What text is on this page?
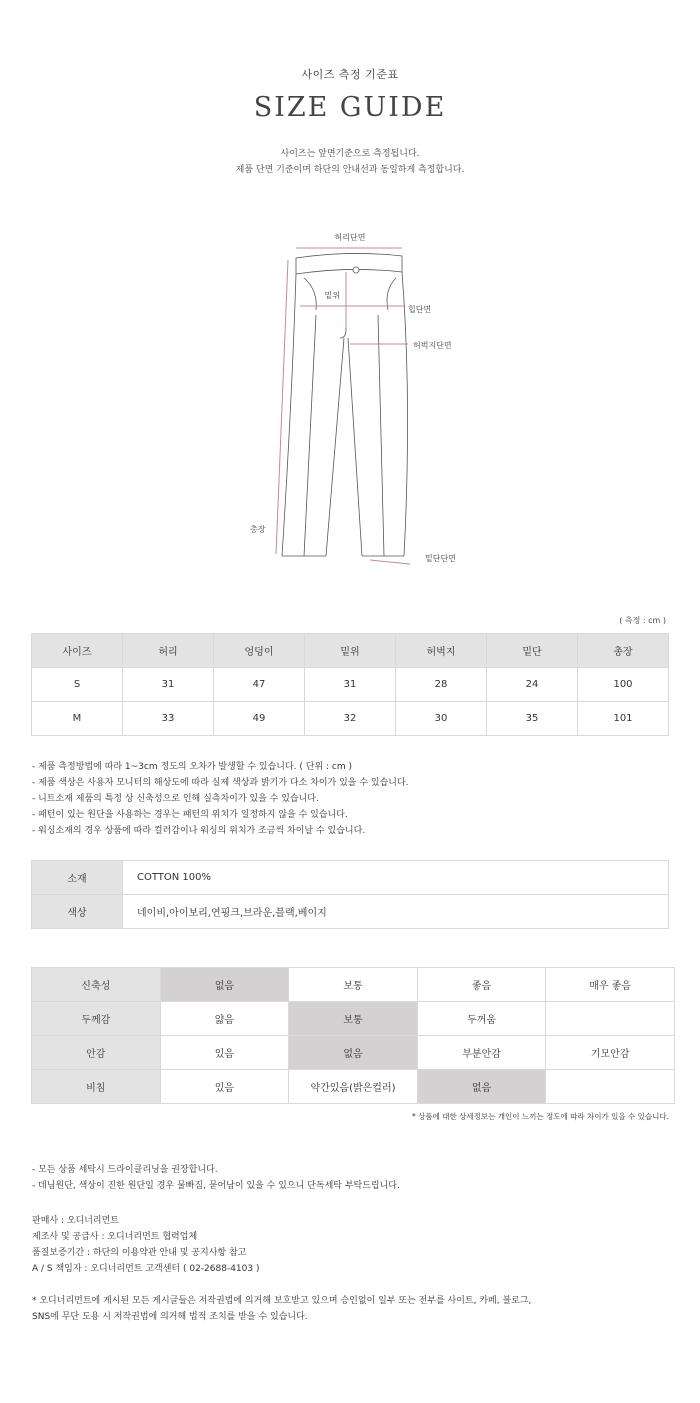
사이즈 측정 기준표
SIZE GUIDE
사이즈는 앞면기준으로 측정됩니다.
제품 단면 기준이며 하단의 안내선과 동일하게 측정합니다.
허리단면
밑위
힙단면
허벅지단면
총장
밑단단면
( 측정 : cm )
사이즈	허리	엉덩이	밑위	허벅지	밑단	총장
S	31	47	31	28	24	100
M	33	49	32	30	35	101
- 제품 측정방법에 따라 1~3cm 정도의 오차가 발생할 수 있습니다. ( 단위 : cm )
- 제품 색상은 사용자 모니터의 해상도에 따라 실제 색상과 밝기가 다소 차이가 있을 수 있습니다.
- 니트소재 제품의 특정 상 신축성으로 인해 실측차이가 있을 수 있습니다.
- 패턴이 있는 원단을 사용하는 경우는 패턴의 위치가 일정하지 않을 수 있습니다.
- 워싱소재의 경우 상품에 따라 컬러감이나 워싱의 위치가 조금씩 차이날 수 있습니다.
소재	COTTON 100%
색상	네이비,아이보리,연핑크,브라운,블랙,베이지
신축성	없음	보통	좋음	매우 좋음
두께감	얇음	보통	두꺼움	
안감	있음	없음	부분안감	기모안감
비침	있음	약간있음(밝은컬러)	없음	
* 상품에 대한 상세정보는 개인이 느끼는 정도에 따라 차이가 있을 수 있습니다.
- 모든 상품 세탁시 드라이클리닝을 권장합니다.
- 데님원단, 색상이 진한 원단일 경우 물빠짐, 묻어남이 있을 수 있으니 단독세탁 부탁드립니다.
판매사 : 오디너리먼트
제조사 및 공급사 : 오디너리먼트 협력업체
품질보증기간 : 하단의 이용약관 안내 및 공지사항 참고
A / S 책임자 : 오디너리먼트 고객센터 ( 02-2688-4103 )
* 오디너리먼트에 게시된 모든 게시글들은 저작권법에 의거해 보호받고 있으며 승인없이 일부 또는 전부를 사이트, 카페, 블로그,
SNS에 무단 도용 시 저작권법에 의거해 법적 조치를 받을 수 있습니다.
